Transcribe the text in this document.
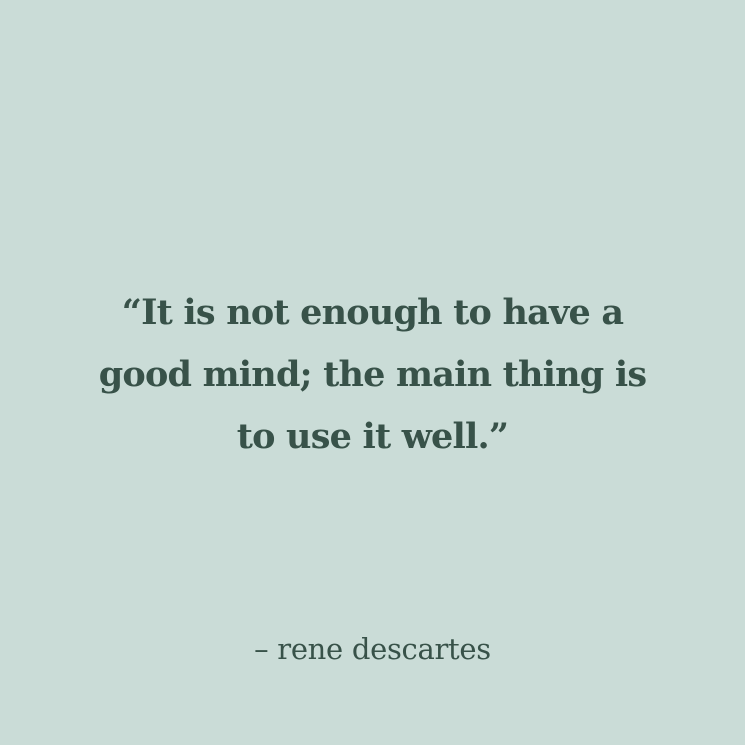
“It is not enough to have a
good mind; the main thing is
to use it well.”

– rene descartes
